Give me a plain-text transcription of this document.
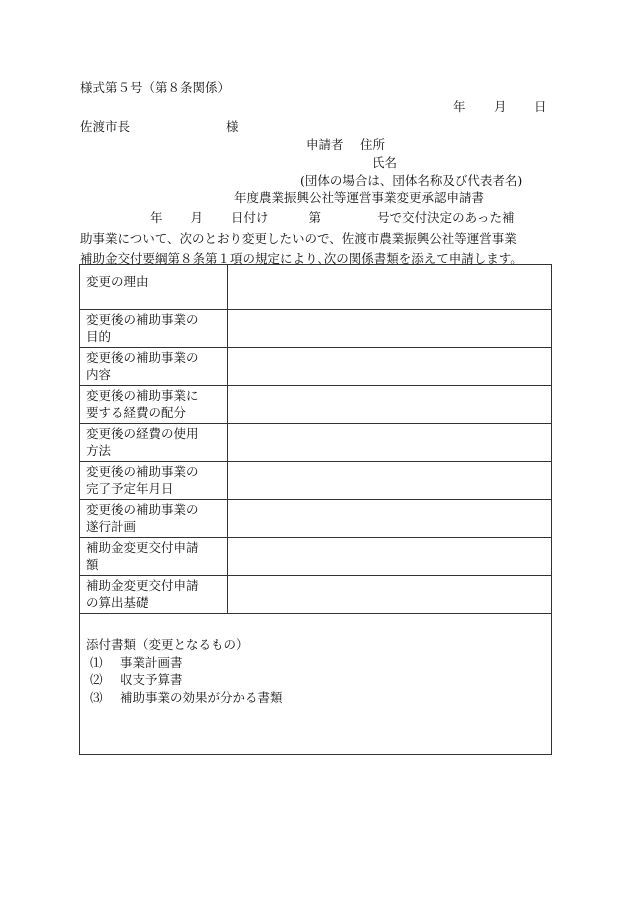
様式第５号（第８条関係）
年 月 日
佐渡市長	様
申請者 住所
氏名
(団体の場合は、団体名称及び代表者名)
年度農業振興公社等運営事業変更承認申請書
年 月 日付け	第	号で交付決定のあった補
助事業について、次のとおり変更したいので、佐渡市農業振興公社等運営事業
補助金交付要綱第８条第１項の規定により､次の関係書類を添えて申請します。
変更の理由	

変更後の補助事業の
目的	

変更後の補助事業の
内容	

変更後の補助事業に
要する経費の配分	

変更後の経費の使用
方法	

変更後の補助事業の
完了予定年月日	

変更後の補助事業の
遂行計画	

補助金変更交付申請
額	

補助金変更交付申請
の算出基礎	

添付書類（変更となるもの）
⑴ 事業計画書
⑵ 収支予算書
⑶ 補助事業の効果が分かる書類	
